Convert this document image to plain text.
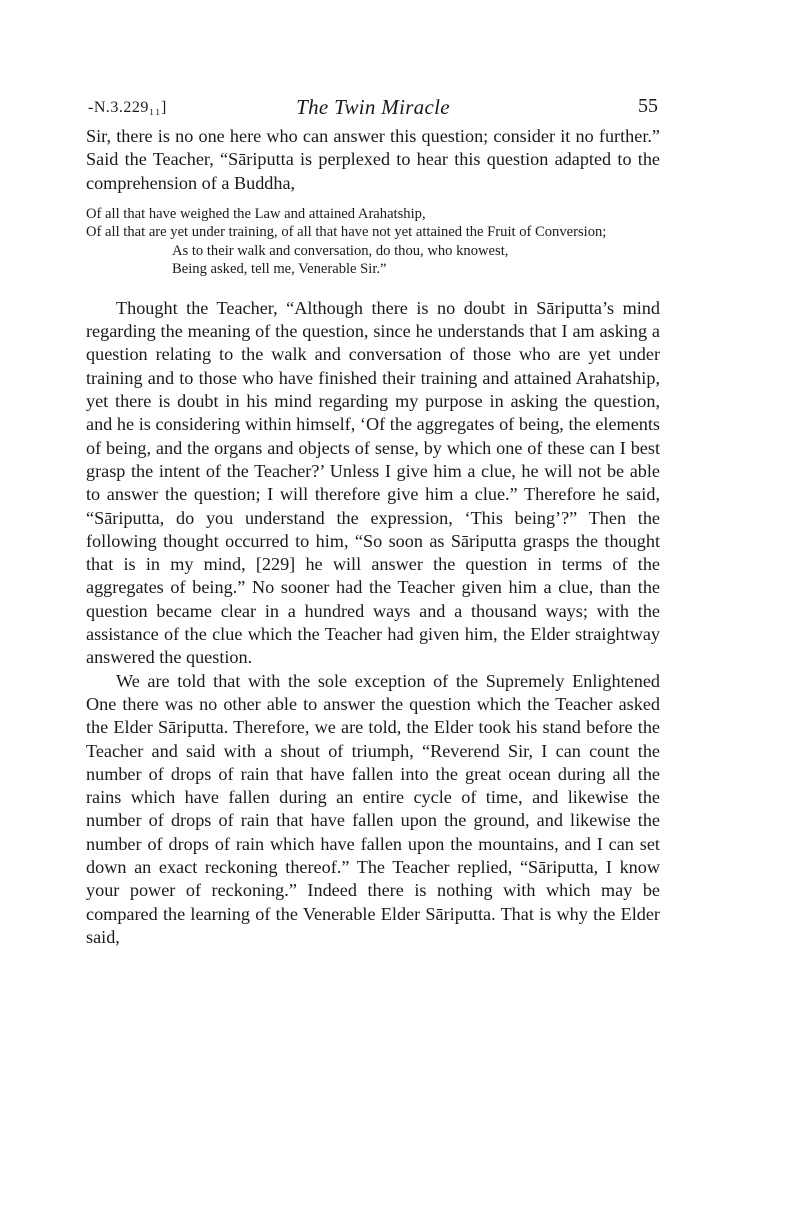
-N.3.229₁₁]	The Twin Miracle	55

Sir, there is no one here who can answer this question; consider it no further.” Said the Teacher, “Sāriputta is perplexed to hear this question adapted to the comprehension of a Buddha,

Of all that have weighed the Law and attained Arahatship,
Of all that are yet under training, of all that have not yet attained the Fruit of Conversion;
As to their walk and conversation, do thou, who knowest,
Being asked, tell me, Venerable Sir.”

Thought the Teacher, “Although there is no doubt in Sāriputta’s mind regarding the meaning of the question, since he understands that I am asking a question relating to the walk and conversation of those who are yet under training and to those who have finished their training and attained Arahatship, yet there is doubt in his mind regarding my purpose in asking the question, and he is considering within himself, ‘Of the aggregates of being, the elements of being, and the organs and objects of sense, by which one of these can I best grasp the intent of the Teacher?’ Unless I give him a clue, he will not be able to answer the question; I will therefore give him a clue.” Therefore he said, “Sāriputta, do you understand the expression, ‘This being’?” Then the following thought occurred to him, “So soon as Sāriputta grasps the thought that is in my mind, [229] he will answer the question in terms of the aggregates of being.” No sooner had the Teacher given him a clue, than the question became clear in a hundred ways and a thousand ways; with the assistance of the clue which the Teacher had given him, the Elder straightway answered the question.

We are told that with the sole exception of the Supremely Enlightened One there was no other able to answer the question which the Teacher asked the Elder Sāriputta. Therefore, we are told, the Elder took his stand before the Teacher and said with a shout of triumph, “Reverend Sir, I can count the number of drops of rain that have fallen into the great ocean during all the rains which have fallen during an entire cycle of time, and likewise the number of drops of rain that have fallen upon the ground, and likewise the number of drops of rain which have fallen upon the mountains, and I can set down an exact reckoning thereof.” The Teacher replied, “Sāriputta, I know your power of reckoning.” Indeed there is nothing with which may be compared the learning of the Venerable Elder Sāriputta. That is why the Elder said,
